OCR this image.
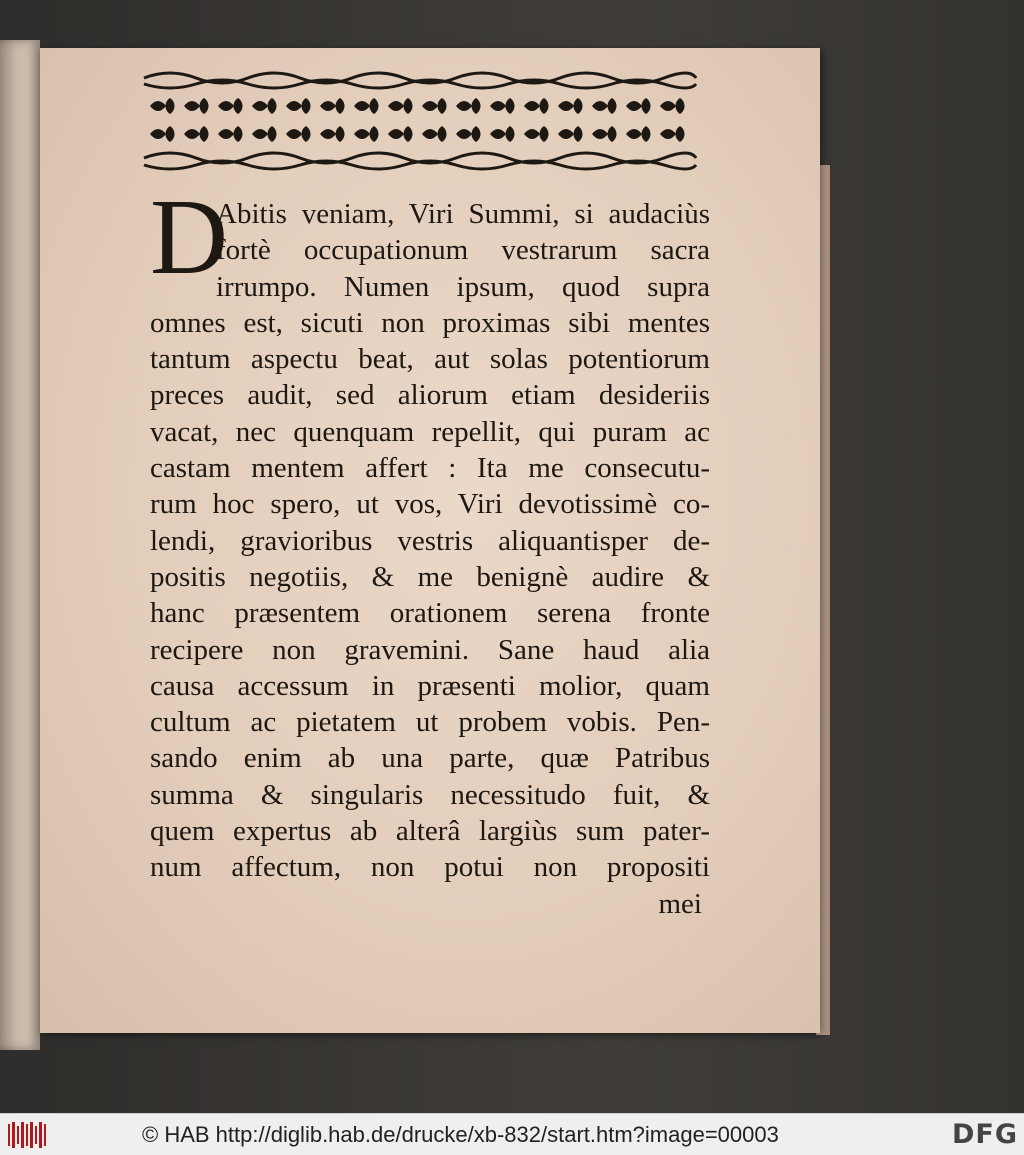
D
Abitis veniam, Viri Summi, si audaciùs
fortè occupationum vestrarum sacra
irrumpo. Numen ipsum, quod supra
omnes est, sicuti non proximas sibi mentes
tantum aspectu beat, aut solas potentiorum
preces audit, sed aliorum etiam desideriis
vacat, nec quenquam repellit, qui puram ac
castam mentem affert : Ita me consecutu-
rum hoc spero, ut vos, Viri devotissimè co-
lendi, gravioribus vestris aliquantisper de-
positis negotiis, & me benignè audire &
hanc præsentem orationem serena fronte
recipere non gravemini. Sane haud alia
causa accessum in præsenti molior, quam
cultum ac pietatem ut probem vobis. Pen-
sando enim ab una parte, quæ Patribus
summa & singularis necessitudo fuit, &
quem expertus ab alterâ largiùs sum pater-
num affectum, non potui non propositi
mei
© HAB http://diglib.hab.de/drucke/xb-832/start.htm?image=00003	DFG
